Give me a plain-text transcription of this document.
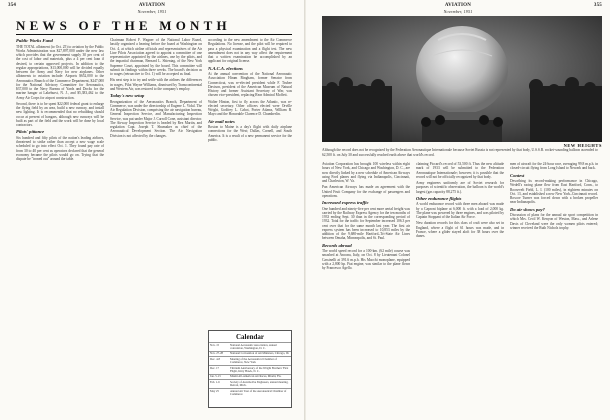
354	AVIATION
November, 1951
NEWS OF THE MONTH
Public Works Fund

THE TOTAL allotment (to Oct. 25) to aviation by the Public Works Administration was $27,897,000 under the new law which provides that the government supply 30 per cent of the cost of labor and materials, plus a 4 per cent loan if desired, to certain approved projects. In addition to the regular appropriations, $13,000,000 will be divided equally between the Army and Navy for new airplanes. Other allotments to aviation include: Airports $652,000 to the Aeronautics Branch of the Commerce Department, $247,000 for the National Advisory Committee for Aeronautics, $37,000 to the Navy Bureau of Yards and Docks for the marine hangar at Lakehurst, N. J., and $5,383,462 to the Army Air Corps for airport construction.

Second, there is to be spent $22,000 federal grant to enlarge the flying field by an area, build a new runway, and install new lighting. It is recommended that no rebuilding should occur at present of hangars, although new runways will be built as part of the field and the work will be done by local contractors.

Pilots' pittance

Six hundred and fifty pilots of the nation's leading airlines, threatened to strike rather than accept a new wage scale scheduled to go into effect Oct. 1. They found pay rate of from 30 to 40 per cent as operators declared that the general economy became the pilots would go on. Trying that the dispute be "ironed out" around the table.

Chairman Robert F. Wagner of the National Labor Board, hastily organized a hearing before the board at Washington on Oct. 4, at which airline officials and representatives of the Air Line Pilots Association agreed to appoint a committee of one representative appointed by the airlines, one by the pilots, and the impartial chairman, Bernard L. Shientag, of the New York Supreme Court, appointed by the board. This committee will submit its findings within three weeks. The board's decision as to wages (retroactive to Oct. 1) will be accepted as final.

His next step is to try and settle with the airlines the differences in wages, Pilot Wayne Williams, dismissed by Transcontinental and Western Air, was restored to the company's employ.

Today's new setup

Reorganization of the Aeronautics Branch, Department of Commerce, was under the directorship of Eugene L. Vidal. The Air Regulation Division, comprising the air navigation bureau, General Inspection Service, and Manufacturing Inspection Service, was put under Major J. Carroll Cone, assistant director. The Airway Inspection Service is headed by Rex Martin, and regulation Capt. Joseph T. Shumaker as chief of the Aeronautical Development Section. The Air Navigation Division is not affected by the changes.

according to the new amendment to the Air Commerce Regulations. No license, and the pilot will be required to pass a physical examination and a flight test. The new amendment does not in any way affect the requirement that a written examination be accomplished by an applicant for original license.

N.A.C.A. elections

At the annual convention of the National Aeronautic Association Hiram Bingham, former Senator from Connecticut, was re-elected president while F. Trubee Davison, president of the American Museum of Natural History and former Assistant Secretary of War, was chosen vice-president, replacing Rear Admiral Moffett.

Walter Hinton, first to fly across the Atlantic, was re-elected secretary. Other officers elected were Orville Wright, Godfrey L. Cabot, Porter Adams, William B. Mayo and the Honorable Clarence D. Chamberlin.

Air mail notes

Boston to Maine is a day's flight with daily airplane connections for the West; Dallas, Cornell, and South America. It is a result of a new permanent service for the public.

Calendar
Nov. 15	National Aeronautic Association, annual convention, Washington, D. C.
Nov. 27-28	National Convention of Air Ministers, Chicago, Ill.
Dec. 4-8	Meeting of the Aeronautical Chamber of Commerce, New York
Dec. 17	Thirtieth Anniversary of the Wright Brothers' First Flight, Kitty Hawk, N. C.
Jan. 5-13	Miami All-American Air Races, Miami, Fla.
Feb. 1-6	Society of Automotive Engineers, annual meeting, Detroit, Mich.
May 25	Annual Air Tour of the Aeronautical Chamber of Commerce
AVIATION
November, 1951
355
NEW HEIGHTS
Although the record does not be recognized by the Federation Aeronautique Internationale because Soviet Russia is not represented by that body, U.S.S.R. rocket-sounding balloon ascended to 62,500 ft. on July 30 and successfully reached earth above that world's record.

Aviation Corporation has brought 100 wireless within eight hours of New York, and Chicago and Washington, D. C., are now directly linked by a new schedule of American Airways using Ford planes and flying via Indianapolis, Cincinnati, and Charleston, W. Va.

Pan American Airways has made an agreement with the United Fruit Company for the exchange of passengers and operations.

Increased express traffic

One hundred and ninety-five per cent more aerial freight was carried by the Railway Express Agency for the ten months of 1933 ending Sept. 30 than in the corresponding period of 1932. Total for the traffic for September increased 106.3 per cent over that for the same month last year. The first air express system has been increased to 10,853 miles by the addition of the 9,680-mile Hartford–Tri-State Air Lines between Omaha, Minneapolis, and St. Paul.

Records abroad

The world speed record for a 100-km. (62 mile) course was smashed at Ancona, Italy, on Oct. 8 by Lieutenant Colonel Cassinelli at 391.6 m.p.h. His Macchi monoplane, equipped with a 2,800 hp. Fiat engine, was similar to the plane flown by Francesco Agello.

claiming Piccard's record of 53,500 ft. Thus the new altitude mark of 1933 will be submitted to the Federation Aeronautique Internationale; however, it is possible that the record will not be officially recognized by that body.

Army engineers uniformly are of Soviet research for purposes of scientific observation, the balloon is the world's largest (gas capacity 88,275 ft.).

Other endurance flights

A world endurance record with three men aboard was made by a Caproni biplane at 6,000 ft. with a load of 2,000 kg. The plane was powered by three engines, and was piloted by Captain Stoppani of the Italian Air Force.

New duration records for this class of craft were also set in England, where a flight of 61 hours was made, and in France, where a glider stayed aloft for 38 hours over the dunes.

men of aircraft for the 24-hour race, averaging 99.8 m.p.h. in closed-circuit flying from Long Island to Newark and back.

Contest

Describing its record-making performance in Chicago, Wedell's racing plane flew from East Hartford, Conn., to Roosevelt Field, L. I. (100 miles), in eighteen minutes on Oct. 13, and established a new New York–Cincinnati record. Roscoe Turner was forced down with a broken propeller near Indianapolis.

Do air shows pay?

Discussion of plans for the annual air sport competition in which Mrs. Cecil W. Kenyon of Weston, Mass., and Arlene Davis of Cleveland were the only women pilots entered; winner received the Ruth Nichols trophy.
